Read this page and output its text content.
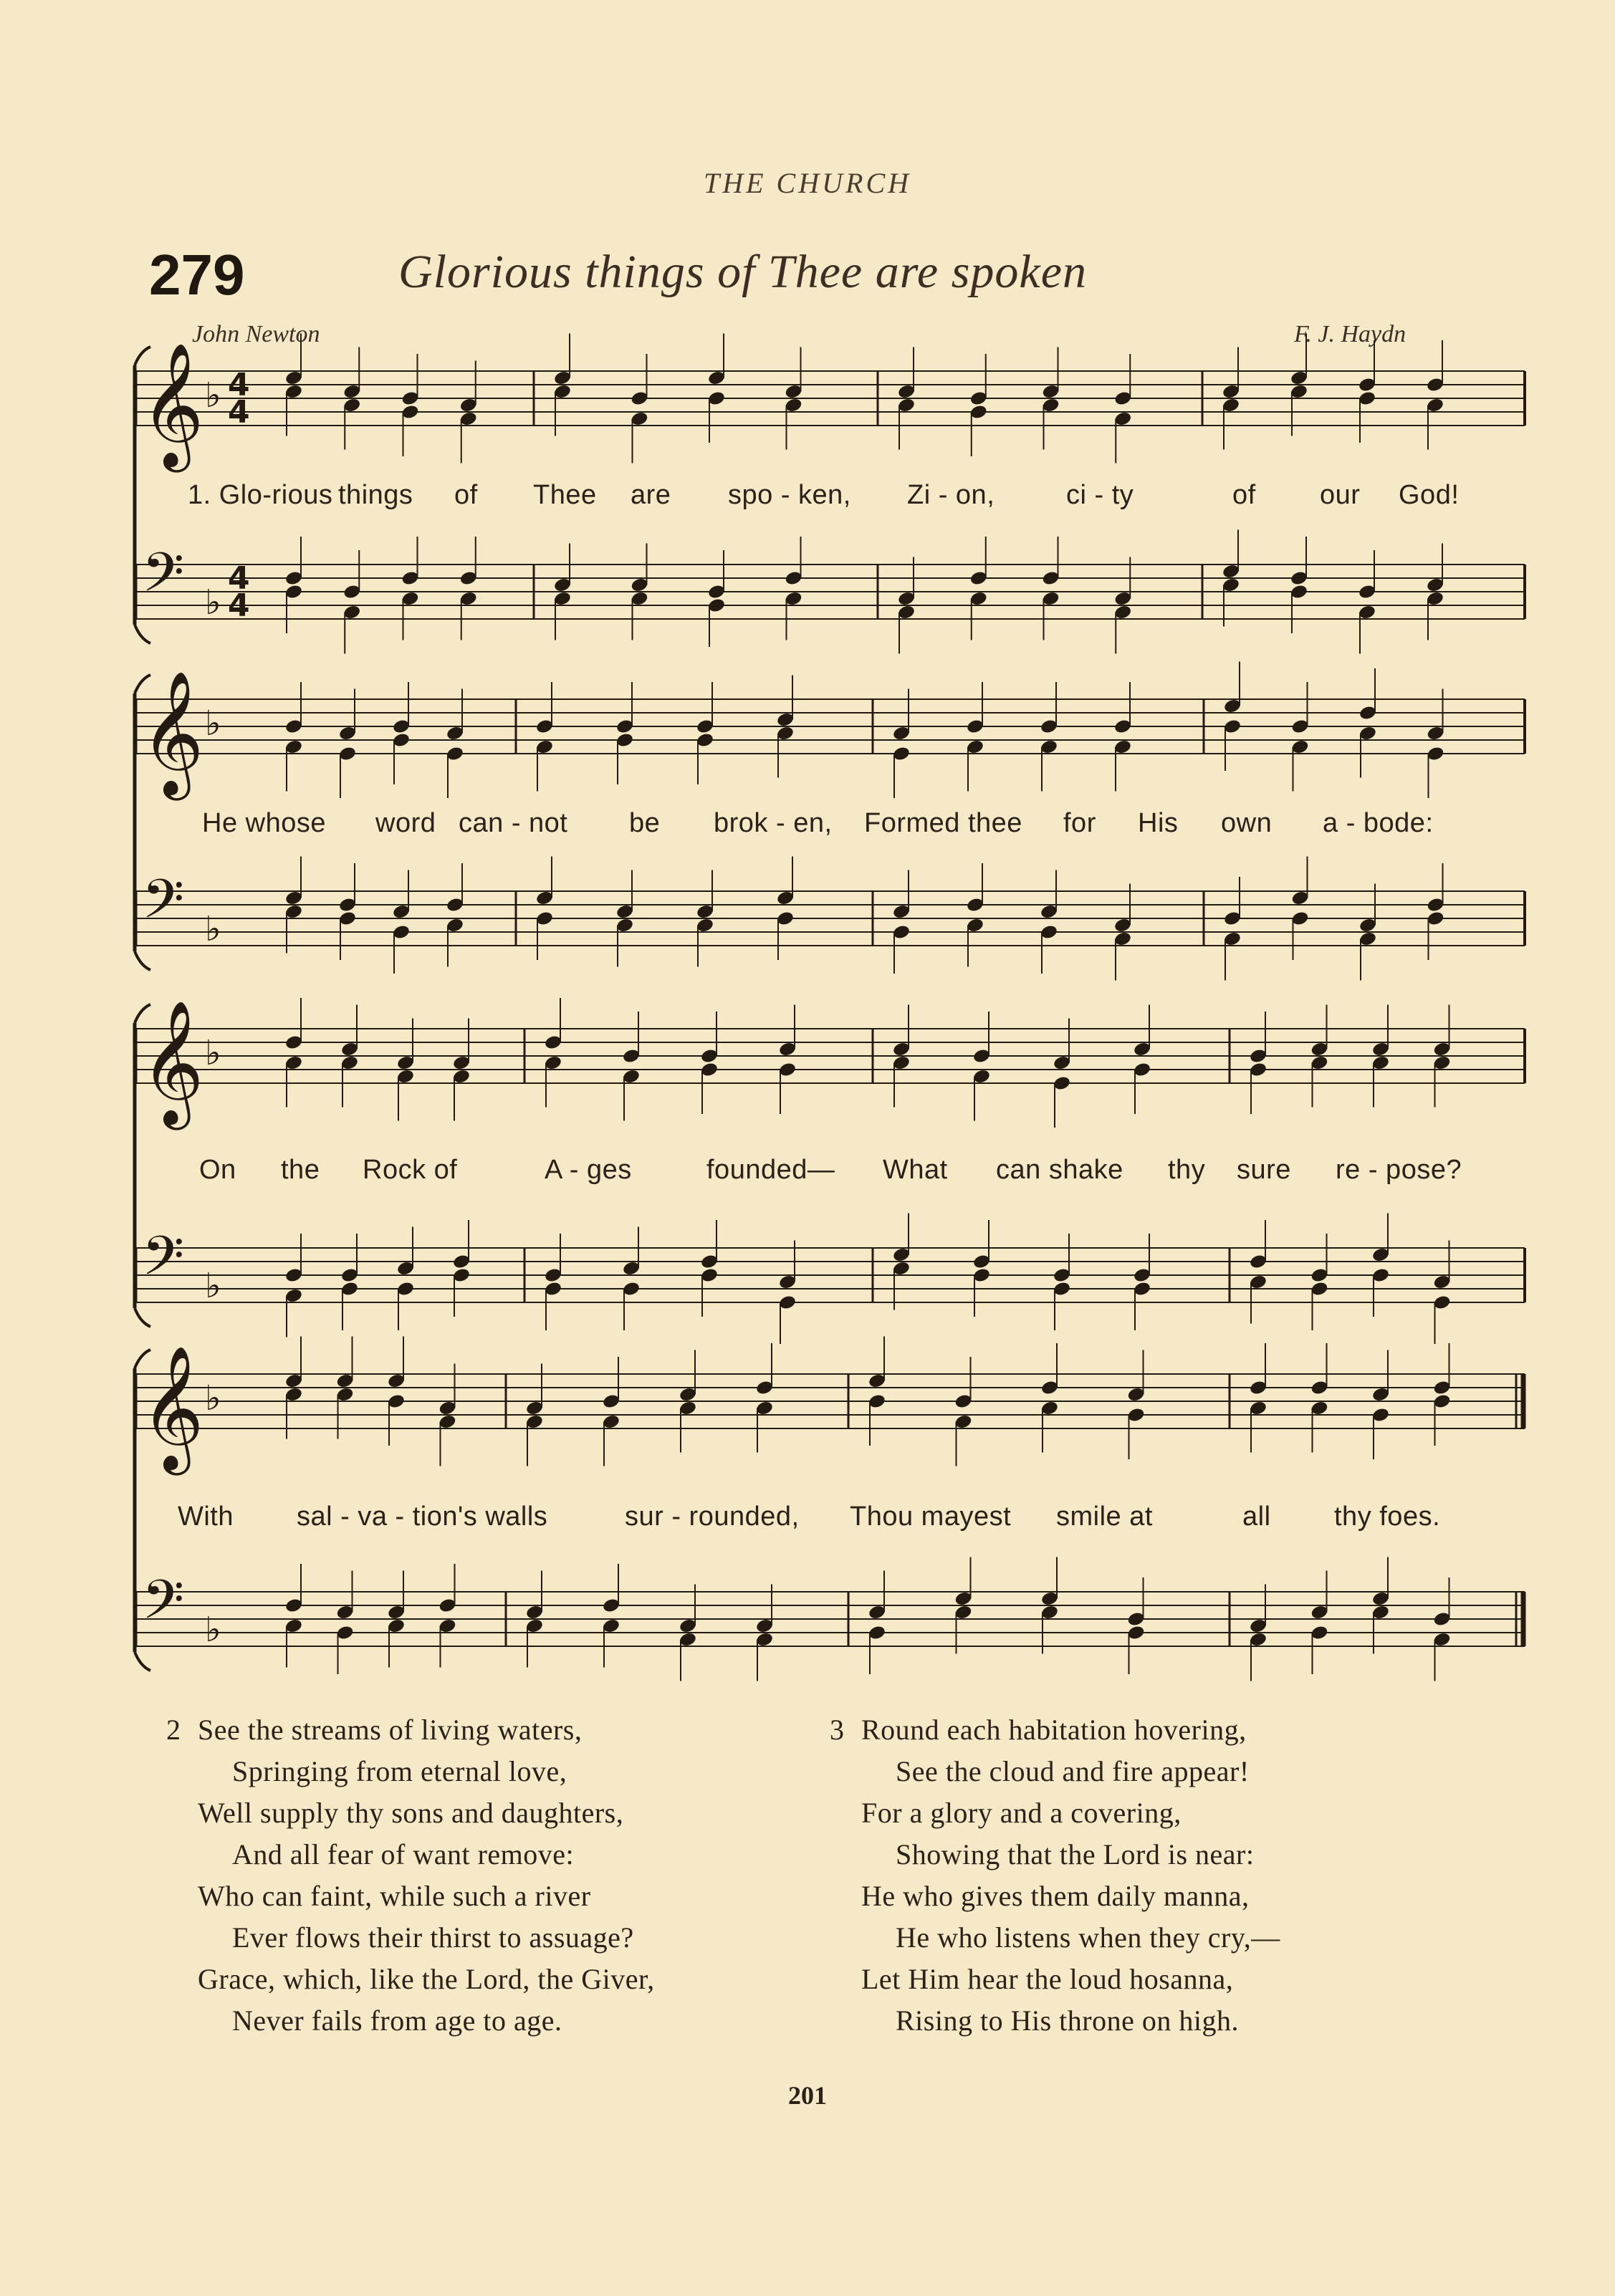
THE CHURCH
279	Glorious things of Thee are spoken
John Newton	F. J. Haydn
𝄞 ♭ 4
4
𝄢 ♭
4
4
𝄞 ♭
𝄢 ♭
𝄞 ♭
𝄢 ♭
𝄞 ♭
𝄢 ♭
1. Glo-rious things of Thee are spo - ken, Zi - on,	ci - ty	of our God!
He whose word can - not be brok - en, Formed thee for His own a - bode:
On the Rock of	A - ges	founded— What can shake thy sure re - pose?
With sal - va - tion's walls	sur - rounded, Thou mayest smile at	all thy foes.
2 See the streams of living waters,
Springing from eternal love,
Well supply thy sons and daughters,
And all fear of want remove:
Who can faint, while such a river
Ever flows their thirst to assuage?
Grace, which, like the Lord, the Giver,
Never fails from age to age.
3 Round each habitation hovering,
See the cloud and fire appear!
For a glory and a covering,
Showing that the Lord is near:
He who gives them daily manna,
He who listens when they cry,—
Let Him hear the loud hosanna,
Rising to His throne on high.
201
